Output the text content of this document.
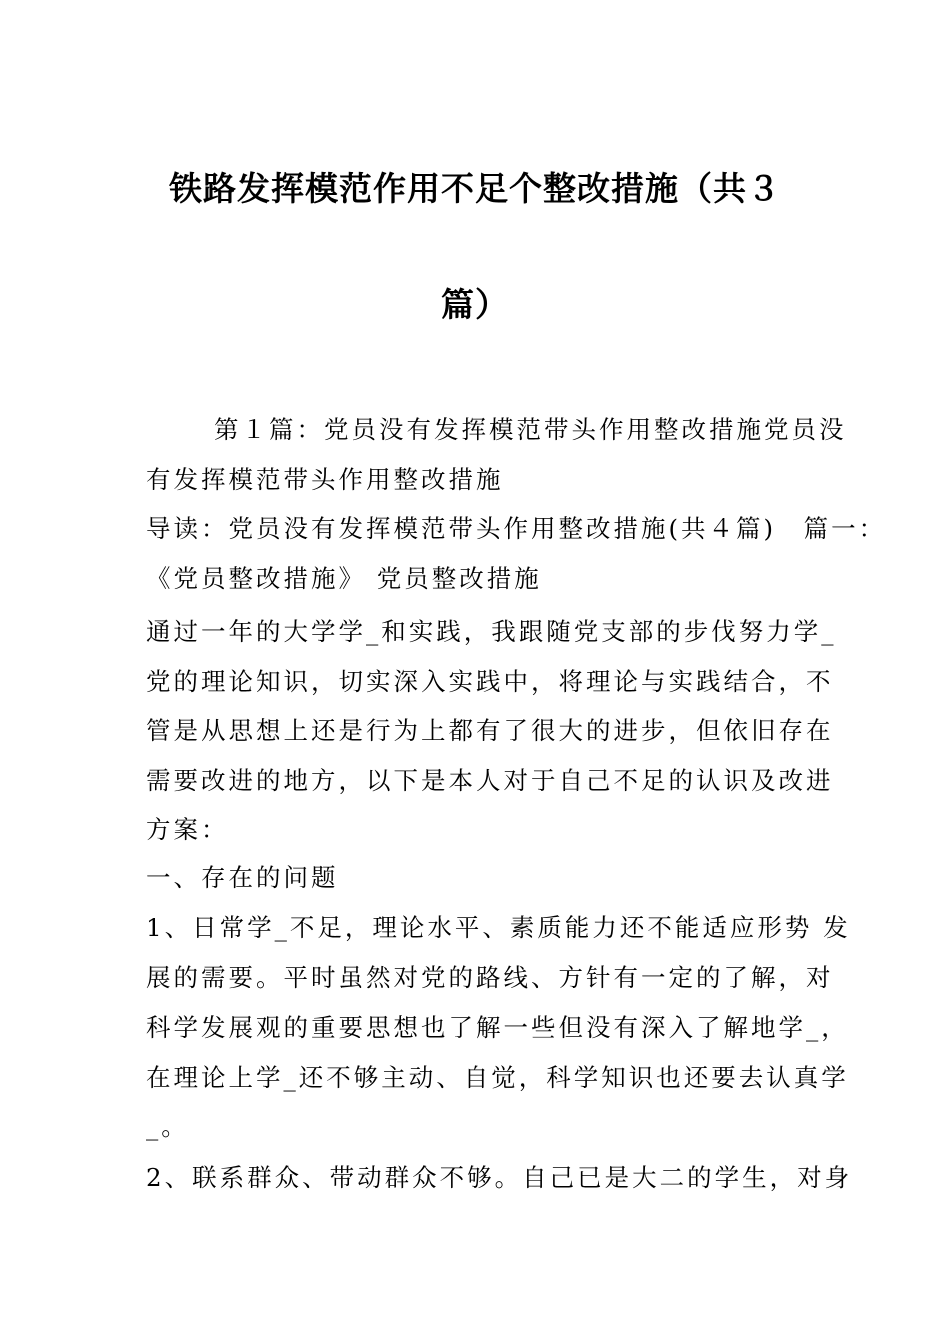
铁路发挥模范作用不足个整改措施（共３
篇）
第１篇：党员没有发挥模范带头作用整改措施党员没
有发挥模范带头作用整改措施
导读：党员没有发挥模范带头作用整改措施(共４篇)　篇一：
《党员整改措施》 党员整改措施
通过一年的大学学_和实践，我跟随党支部的步伐努力学_
党的理论知识，切实深入实践中，将理论与实践结合，不
管是从思想上还是行为上都有了很大的进步，但依旧存在
需要改进的地方，以下是本人对于自己不足的认识及改进
方案：
一、存在的问题
1、日常学_不足，理论水平、素质能力还不能适应形势 发
展的需要。平时虽然对党的路线、方针有一定的了解，对
科学发展观的重要思想也了解一些但没有深入了解地学_，
在理论上学_还不够主动、自觉，科学知识也还要去认真学
_。
2、联系群众、带动群众不够。自己已是大二的学生，对身
